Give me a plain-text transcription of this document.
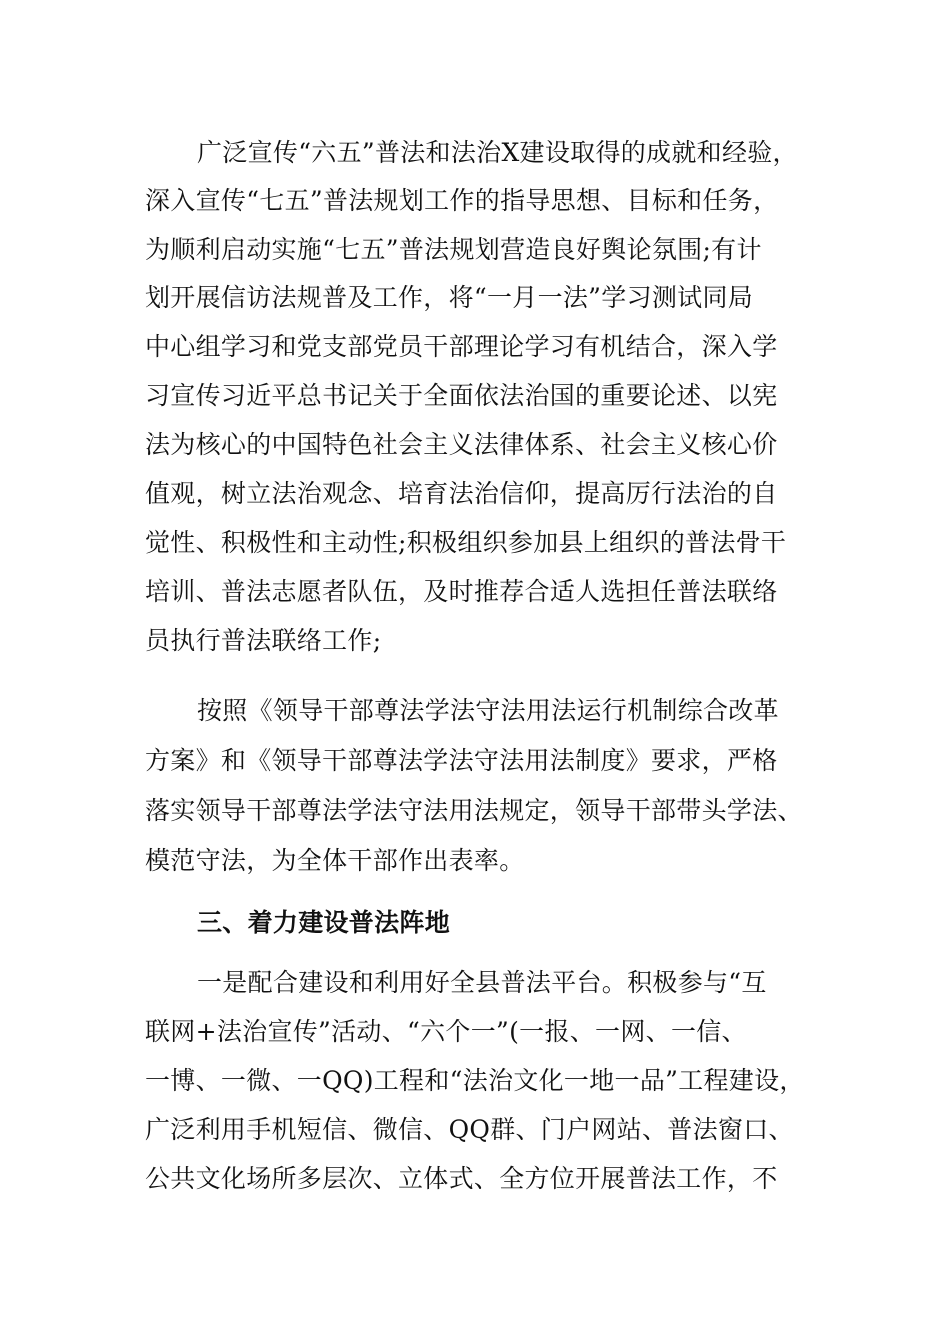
广泛宣传“六五”普法和法治X建设取得的成就和经验，
深入宣传“七五”普法规划工作的指导思想、目标和任务，
为顺利启动实施“七五”普法规划营造良好舆论氛围;有计
划开展信访法规普及工作，将“一月一法”学习测试同局
中心组学习和党支部党员干部理论学习有机结合，深入学
习宣传习近平总书记关于全面依法治国的重要论述、以宪
法为核心的中国特色社会主义法律体系、社会主义核心价
值观，树立法治观念、培育法治信仰，提高厉行法治的自
觉性、积极性和主动性;积极组织参加县上组织的普法骨干
培训、普法志愿者队伍，及时推荐合适人选担任普法联络
员执行普法联络工作;
按照《领导干部尊法学法守法用法运行机制综合改革
方案》和《领导干部尊法学法守法用法制度》要求，严格
落实领导干部尊法学法守法用法规定，领导干部带头学法、
模范守法，为全体干部作出表率。
三、着力建设普法阵地
一是配合建设和利用好全县普法平台。积极参与“互
联网+法治宣传”活动、“六个一”(一报、一网、一信、
一博、一微、一QQ)工程和“法治文化一地一品”工程建设，
广泛利用手机短信、微信、QQ群、门户网站、普法窗口、
公共文化场所多层次、立体式、全方位开展普法工作，不
